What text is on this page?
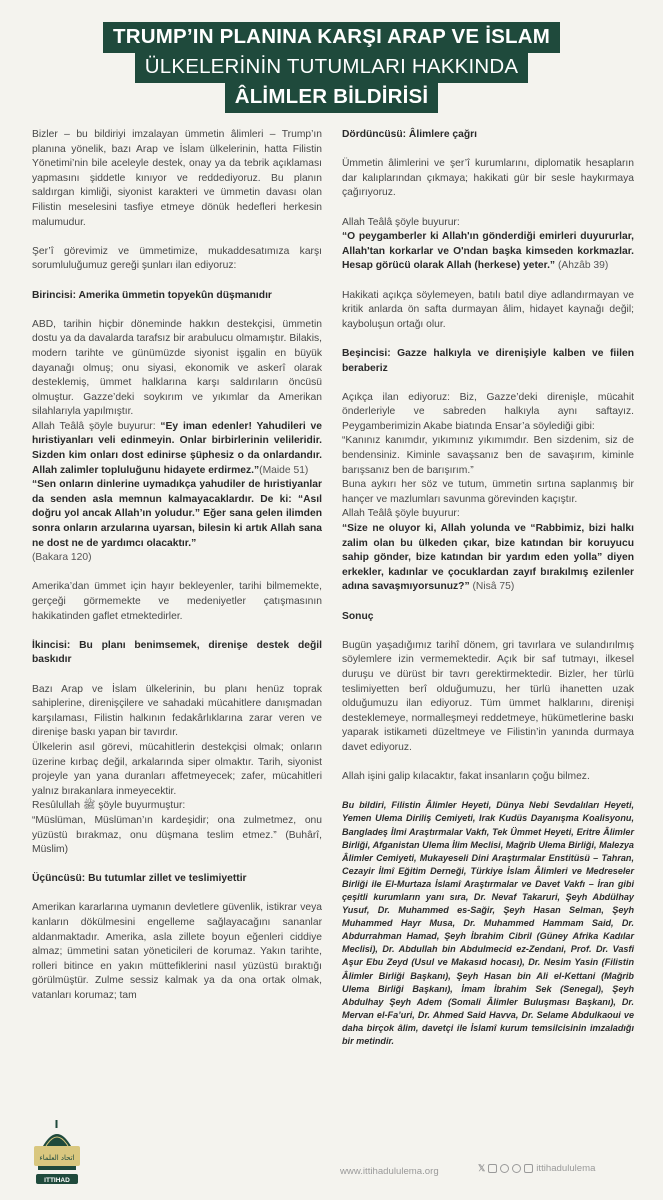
TRUMP’IN PLANINA KARŞI ARAP VE İSLAM
ÜLKELERİNİN TUTUMLARI HAKKINDA
ÂLİMLER BİLDİRİSİ

Bizler – bu bildiriyi imzalayan ümmetin âlimleri – Trump’ın planına yönelik, bazı Arap ve İslam ülkelerinin, hatta Filistin Yönetimi’nin bile aceleyle destek, onay ya da tebrik açıklaması yapmasını şiddetle kınıyor ve reddediyoruz. Bu planın saldırgan kimliği, siyonist karakteri ve ümmetin davası olan Filistin meselesini tasfiye etmeye dönük hedefleri herkesin malumudur.

Şer’î görevimiz ve ümmetimize, mukaddesatımıza karşı sorumluluğumuz gereği şunları ilan ediyoruz:

Birincisi: Amerika ümmetin topyekûn düşmanıdır

ABD, tarihin hiçbir döneminde hakkın destekçisi, ümmetin dostu ya da davalarda tarafsız bir arabulucu olmamıştır. Bilakis, modern tarihte ve günümüzde siyonist işgalin en büyük dayanağı olmuş; onu siyasi, ekonomik ve askerî olarak desteklemiş, ümmet halklarına karşı saldırıların öncüsü olmuştur. Gazze’deki soykırım ve yıkımlar da Amerikan silahlarıyla yapılmıştır.

Allah Teâlâ şöyle buyurur: “Ey iman edenler! Yahudileri ve hıristiyanları veli edinmeyin. Onlar birbirlerinin velileridir. Sizden kim onları dost edinirse şüphesiz o da onlardandır. Allah zalimler topluluğunu hidayete erdirmez.”(Maide 51)

“Sen onların dinlerine uymadıkça yahudiler de hıristiyanlar da senden asla memnun kalmayacaklardır. De ki: “Asıl doğru yol ancak Allah’ın yoludur.” Eğer sana gelen ilimden sonra onların arzularına uyarsan, bilesin ki artık Allah sana ne dost ne de yardımcı olacaktır.”
(Bakara 120)

Amerika’dan ümmet için hayır bekleyenler, tarihi bilmemekte, gerçeği görmemekte ve medeniyetler çatışmasının hakikatinden gaflet etmektedirler.

İkincisi: Bu planı benimsemek, direnişe destek değil baskıdır

Bazı Arap ve İslam ülkelerinin, bu planı henüz toprak sahiplerine, direnişçilere ve sahadaki mücahitlere danışmadan karşılaması, Filistin halkının fedakârlıklarına zarar veren ve direnişe baskı yapan bir tavırdır.

Ülkelerin asıl görevi, mücahitlerin destekçisi olmak; onların üzerine kırbaç değil, arkalarında siper olmaktır. Tarih, siyonist projeyle yan yana duranları affetmeyecek; zafer, mücahitleri yalnız bırakanlara inmeyecektir.

Resûlullah ﷺ şöyle buyurmuştur:

“Müslüman, Müslüman’ın kardeşidir; ona zulmetmez, onu yüzüstü bırakmaz, onu düşmana teslim etmez.” (Buhârî, Müslim)

Üçüncüsü: Bu tutumlar zillet ve teslimiyettir

Amerikan kararlarına uymanın devletlere güvenlik, istikrar veya kanların dökülmesini engelleme sağlayacağını sananlar aldanmaktadır. Amerika, asla zillete boyun eğenleri ciddiye almaz; ümmetini satan yöneticileri de korumaz. Yakın tarihte, rolleri bitince en yakın müttefiklerini nasıl yüzüstü bıraktığı görülmüştür. Zulme sessiz kalmak ya da ona ortak olmak, vatanları korumaz; tam

Dördüncüsü: Âlimlere çağrı

Ümmetin âlimlerini ve şer’î kurumlarını, diplomatik hesapların dar kalıplarından çıkmaya; hakikati gür bir sesle haykırmaya çağırıyoruz.

Allah Teâlâ şöyle buyurur:

“O peygamberler ki Allah'ın gönderdiği emirleri duyururlar, Allah'tan korkarlar ve O'ndan başka kimseden korkmazlar. Hesap görücü olarak Allah (herkese) yeter.” (Ahzâb 39)

Hakikati açıkça söylemeyen, batılı batıl diye adlandırmayan ve kritik anlarda ön safta durmayan âlim, hidayet kaynağı değil; kayboluşun ortağı olur.

Beşincisi: Gazze halkıyla ve direnişiyle kalben ve fiilen beraberiz

Açıkça ilan ediyoruz: Biz, Gazze’deki direnişle, mücahit önderleriyle ve sabreden halkıyla aynı saftayız. Peygamberimizin Akabe biatında Ensar’a söylediği gibi:

“Kanınız kanımdır, yıkımınız yıkımımdır. Ben sizdenim, siz de bendensiniz. Kiminle savaşsanız ben de savaşırım, kiminle barışsanız ben de barışırım.”

Buna aykırı her söz ve tutum, ümmetin sırtına saplanmış bir hançer ve mazlumları savunma görevinden kaçıştır.

Allah Teâlâ şöyle buyurur:

“Size ne oluyor ki, Allah yolunda ve “Rabbimiz, bizi halkı zalim olan bu ülkeden çıkar, bize katından bir koruyucu sahip gönder, bize katından bir yardım eden yolla” diyen erkekler, kadınlar ve çocuklardan zayıf bırakılmış ezilenler adına savaşmıyorsunuz?” (Nisâ 75)

Sonuç

Bugün yaşadığımız tarihî dönem, gri tavırlara ve sulandırılmış söylemlere izin vermemektedir. Açık bir saf tutmayı, ilkesel duruşu ve dürüst bir tavrı gerektirmektedir. Bizler, her türlü teslimiyetten berî olduğumuzu, her türlü ihanetten uzak olduğumuzu ilan ediyoruz. Tüm ümmet halklarını, direnişi desteklemeye, normalleşmeyi reddetmeye, hükümetlerine baskı yaparak istikameti düzeltmeye ve Filistin’in yanında durmaya davet ediyoruz.

Allah işini galip kılacaktır, fakat insanların çoğu bilmez.

Bu bildiri, Filistin Âlimler Heyeti, Dünya Nebi Sevdalıları Heyeti, Yemen Ulema Diriliş Cemiyeti, Irak Kudüs Dayanışma Koalisyonu, Bangladeş İlmi Araştırmalar Vakfı, Tek Ümmet Heyeti, Eritre Âlimler Birliği, Afganistan Ulema İlim Meclisi, Mağrib Ulema Birliği, Malezya Âlimler Cemiyeti, Mukayeseli Dini Araştırmalar Enstitüsü – Tahran, Cezayir İlmî Eğitim Derneği, Türkiye İslam Âlimleri ve Medreseler Birliği ile El-Murtaza İslamî Araştırmalar ve Davet Vakfı – İran gibi çeşitli kurumların yanı sıra, Dr. Nevaf Takaruri, Şeyh Abdülhay Yusuf, Dr. Muhammed es-Sağir, Şeyh Hasan Selman, Şeyh Muhammed Hayr Musa, Dr. Muhammed Hammam Said, Dr. Abdurrahman Hamad, Şeyh İbrahim Cibril (Güney Afrika Kadılar Meclisi), Dr. Abdullah bin Abdulmecid ez-Zendani, Prof. Dr. Vasfi Aşur Ebu Zeyd (Usul ve Makasıd hocası), Dr. Nesim Yasin (Filistin Âlimler Birliği Başkanı), Şeyh Hasan bin Ali el-Kettani (Mağrib Ulema Birliği Başkanı), İmam İbrahim Sek (Senegal), Şeyh Abdulhay Şeyh Adem (Somali Âlimler Buluşması Başkanı), Dr. Mervan el-Fa’uri, Dr. Ahmed Said Havva, Dr. Selame Abdulkaoui ve daha birçok âlim, davetçi ile İslamî kurum temsilcisinin imzaladığı bir metindir.

اتحاد العلماء
ITTIHAD
www.ittihadululema.org	𝕏	ittihadululema
